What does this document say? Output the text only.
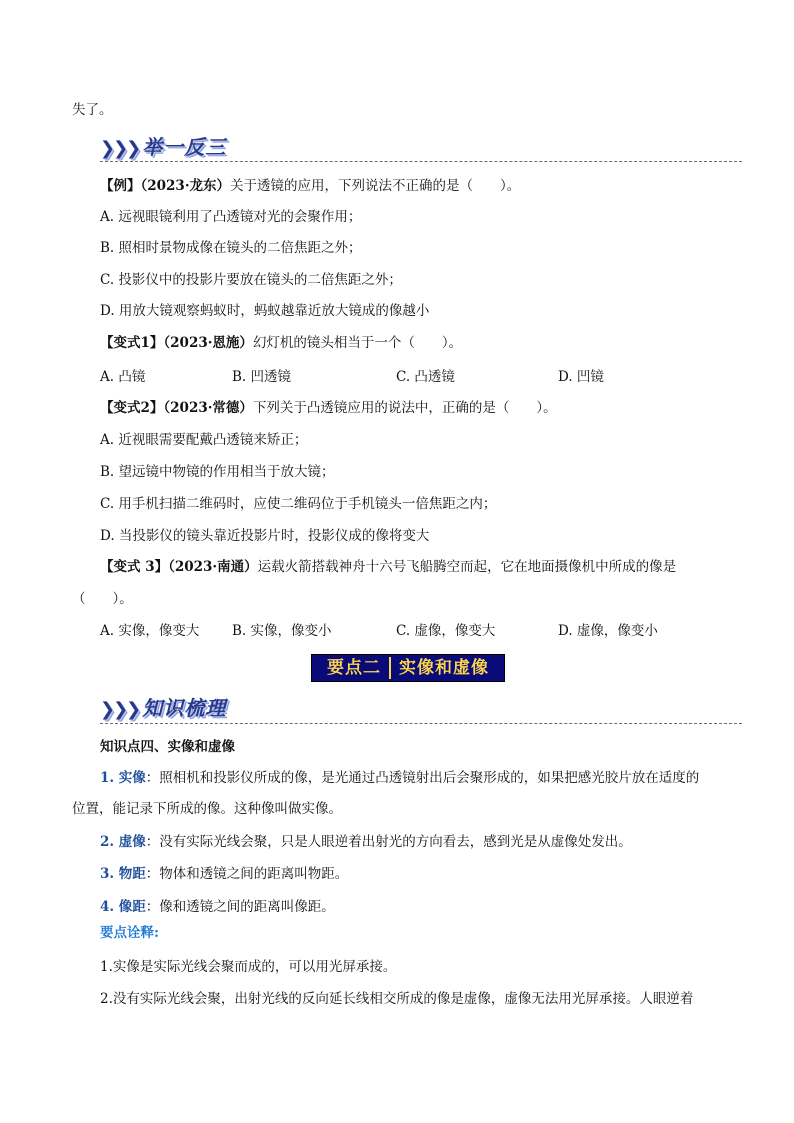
失了。
❯❯❯ 举一反三
【例】（2023·龙东）关于透镜的应用，下列说法不正确的是（　　）。
A. 远视眼镜利用了凸透镜对光的会聚作用；
B. 照相时景物成像在镜头的二倍焦距之外；
C. 投影仪中的投影片要放在镜头的二倍焦距之外；
D. 用放大镜观察蚂蚁时，蚂蚁越靠近放大镜成的像越小
【变式1】（2023·恩施）幻灯机的镜头相当于一个（　　）。
A. 凸镜	B. 凹透镜	C. 凸透镜	D. 凹镜
【变式2】（2023·常德）下列关于凸透镜应用的说法中，正确的是（　　）。
A. 近视眼需要配戴凸透镜来矫正；
B. 望远镜中物镜的作用相当于放大镜；
C. 用手机扫描二维码时，应使二维码位于手机镜头一倍焦距之内；
D. 当投影仪的镜头靠近投影片时，投影仪成的像将变大
【变式 3】（2023·南通）运载火箭搭载神舟十六号飞船腾空而起，它在地面摄像机中所成的像是
（　　）。
A. 实像，像变大 B. 实像，像变小	C. 虚像，像变大	D. 虚像，像变小
要点二 实像和虚像
❯❯❯ 知识梳理
知识点四、实像和虚像
1. 实像：照相机和投影仪所成的像，是光通过凸透镜射出后会聚形成的，如果把感光胶片放在适度的
位置，能记录下所成的像。这种像叫做实像。
2. 虚像：没有实际光线会聚，只是人眼逆着出射光的方向看去，感到光是从虚像处发出。
3. 物距：物体和透镜之间的距离叫物距。
4. 像距：像和透镜之间的距离叫像距。
要点诠释:
1.实像是实际光线会聚而成的，可以用光屏承接。
2.没有实际光线会聚，出射光线的反向延长线相交所成的像是虚像，虚像无法用光屏承接。人眼逆着
